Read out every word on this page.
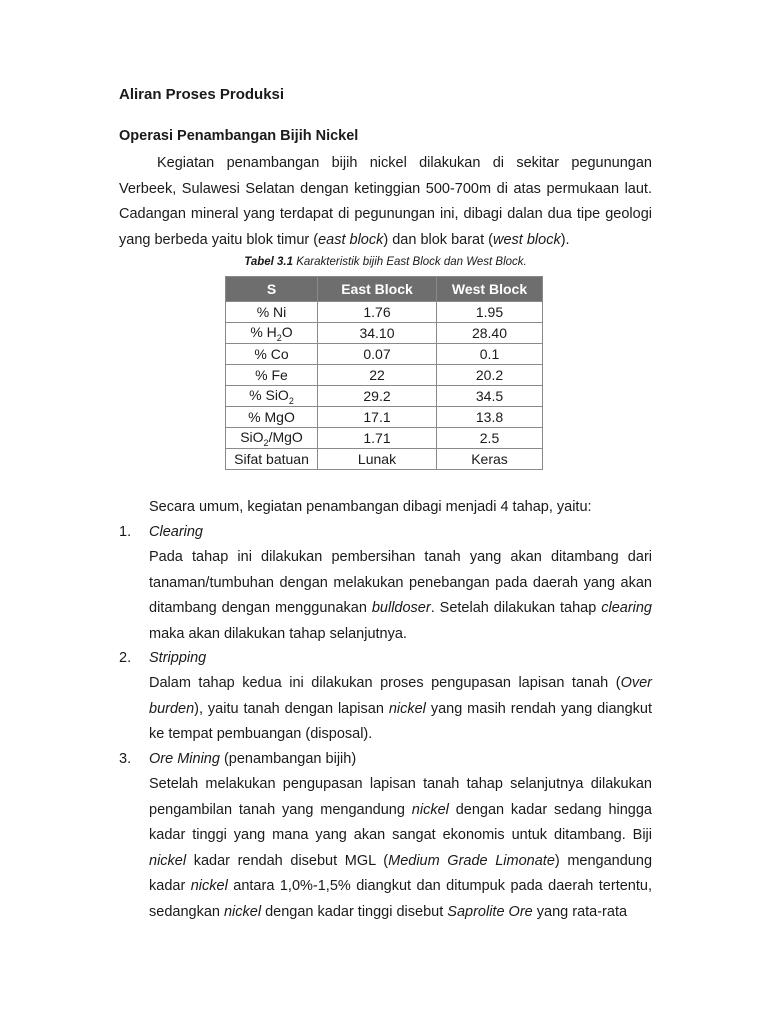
Aliran Proses Produksi
Operasi Penambangan Bijih Nickel

Kegiatan penambangan bijih nickel dilakukan di sekitar pegunungan Verbeek, Sulawesi Selatan dengan ketinggian 500-700m di atas permukaan laut. Cadangan mineral yang terdapat di pegunungan ini, dibagi dalan dua tipe geologi yang berbeda yaitu blok timur (east block) dan blok barat (west block).

Tabel 3.1 Karakteristik bijih East Block dan West Block.
S	East Block	West Block
% Ni	1.76	1.95
% $H_2O$	34.10	28.40
% Co	0.07	0.1
% Fe	22	20.2
% SiO$_2$	29.2	34.5
% MgO	17.1	13.8
SiO$_2$/MgO	1.71	2.5
Sifat batuan	Lunak	Keras

Secara umum, kegiatan penambangan dibagi menjadi 4 tahap, yaitu:

1. Clearing

Pada tahap ini dilakukan pembersihan tanah yang akan ditambang dari tanaman/tumbuhan dengan melakukan penebangan pada daerah yang akan ditambang dengan menggunakan bulldoser. Setelah dilakukan tahap clearing maka akan dilakukan tahap selanjutnya.

2. Stripping

Dalam tahap kedua ini dilakukan proses pengupasan lapisan tanah (Over burden), yaitu tanah dengan lapisan nickel yang masih rendah yang diangkut ke tempat pembuangan (disposal).

3. Ore Mining (penambangan bijih)

Setelah melakukan pengupasan lapisan tanah tahap selanjutnya dilakukan pengambilan tanah yang mengandung nickel dengan kadar sedang hingga kadar tinggi yang mana yang akan sangat ekonomis untuk ditambang. Biji nickel kadar rendah disebut MGL (Medium Grade Limonate) mengandung kadar nickel antara 1,0%-1,5% diangkut dan ditumpuk pada daerah tertentu, sedangkan nickel dengan kadar tinggi disebut Saprolite Ore yang rata-rata
